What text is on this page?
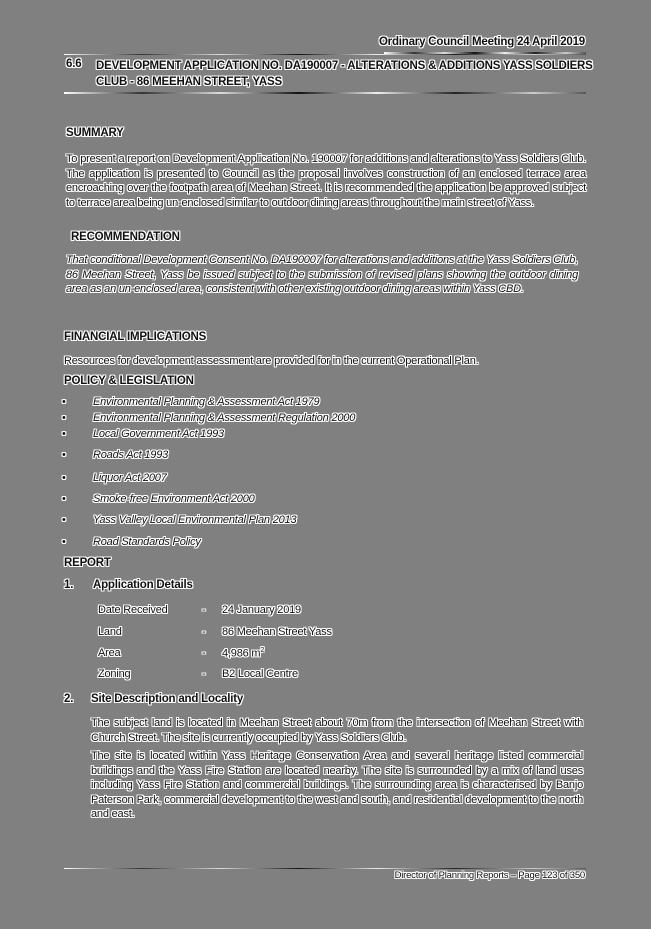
Ordinary Council Meeting 24 April 2019
6.6 DEVELOPMENT APPLICATION NO. DA190007 - ALTERATIONS & ADDITIONS YASS SOLDIERS CLUB - 86 MEEHAN STREET, YASS
SUMMARY
To present a report on Development Application No. 190007 for additions and alterations to Yass Soldiers Club. The application is presented to Council as the proposal involves construction of an enclosed terrace area encroaching over the footpath area of Meehan Street. It is recommended the application be approved subject to terrace area being un-enclosed similar to outdoor dining areas throughout the main street of Yass.
RECOMMENDATION
That conditional Development Consent No. DA190007 for alterations and additions at the Yass Soldiers Club, 86 Meehan Street, Yass be issued subject to the submission of revised plans showing the outdoor dining area as an un-enclosed area, consistent with other existing outdoor dining areas within Yass CBD.
FINANCIAL IMPLICATIONS
Resources for development assessment are provided for in the current Operational Plan.
POLICY & LEGISLATION
• Environmental Planning & Assessment Act 1979
• Environmental Planning & Assessment Regulation 2000
• Local Government Act 1993
• Roads Act 1993
• Liquor Act 2007
• Smoke-free Environment Act 2000
• Yass Valley Local Environmental Plan 2013
• Road Standards Policy
REPORT
1. Application Details
Date Received	- 24 January 2019
Land	- 86 Meehan Street Yass
Area	- 4,986 $m^2$
Zoning	- B2 Local Centre
2. Site Description and Locality
The subject land is located in Meehan Street about 70m from the intersection of Meehan Street with Church Street. The site is currently occupied by Yass Soldiers Club.
The site is located within Yass Heritage Conservation Area and several heritage listed commercial buildings and the Yass Fire Station are located nearby. The site is surrounded by a mix of land uses including Yass Fire Station and commercial buildings. The surrounding area is characterised by Banjo Paterson Park, commercial development to the west and south, and residential development to the north and east.
Director of Planning Reports – Page 123 of 350
